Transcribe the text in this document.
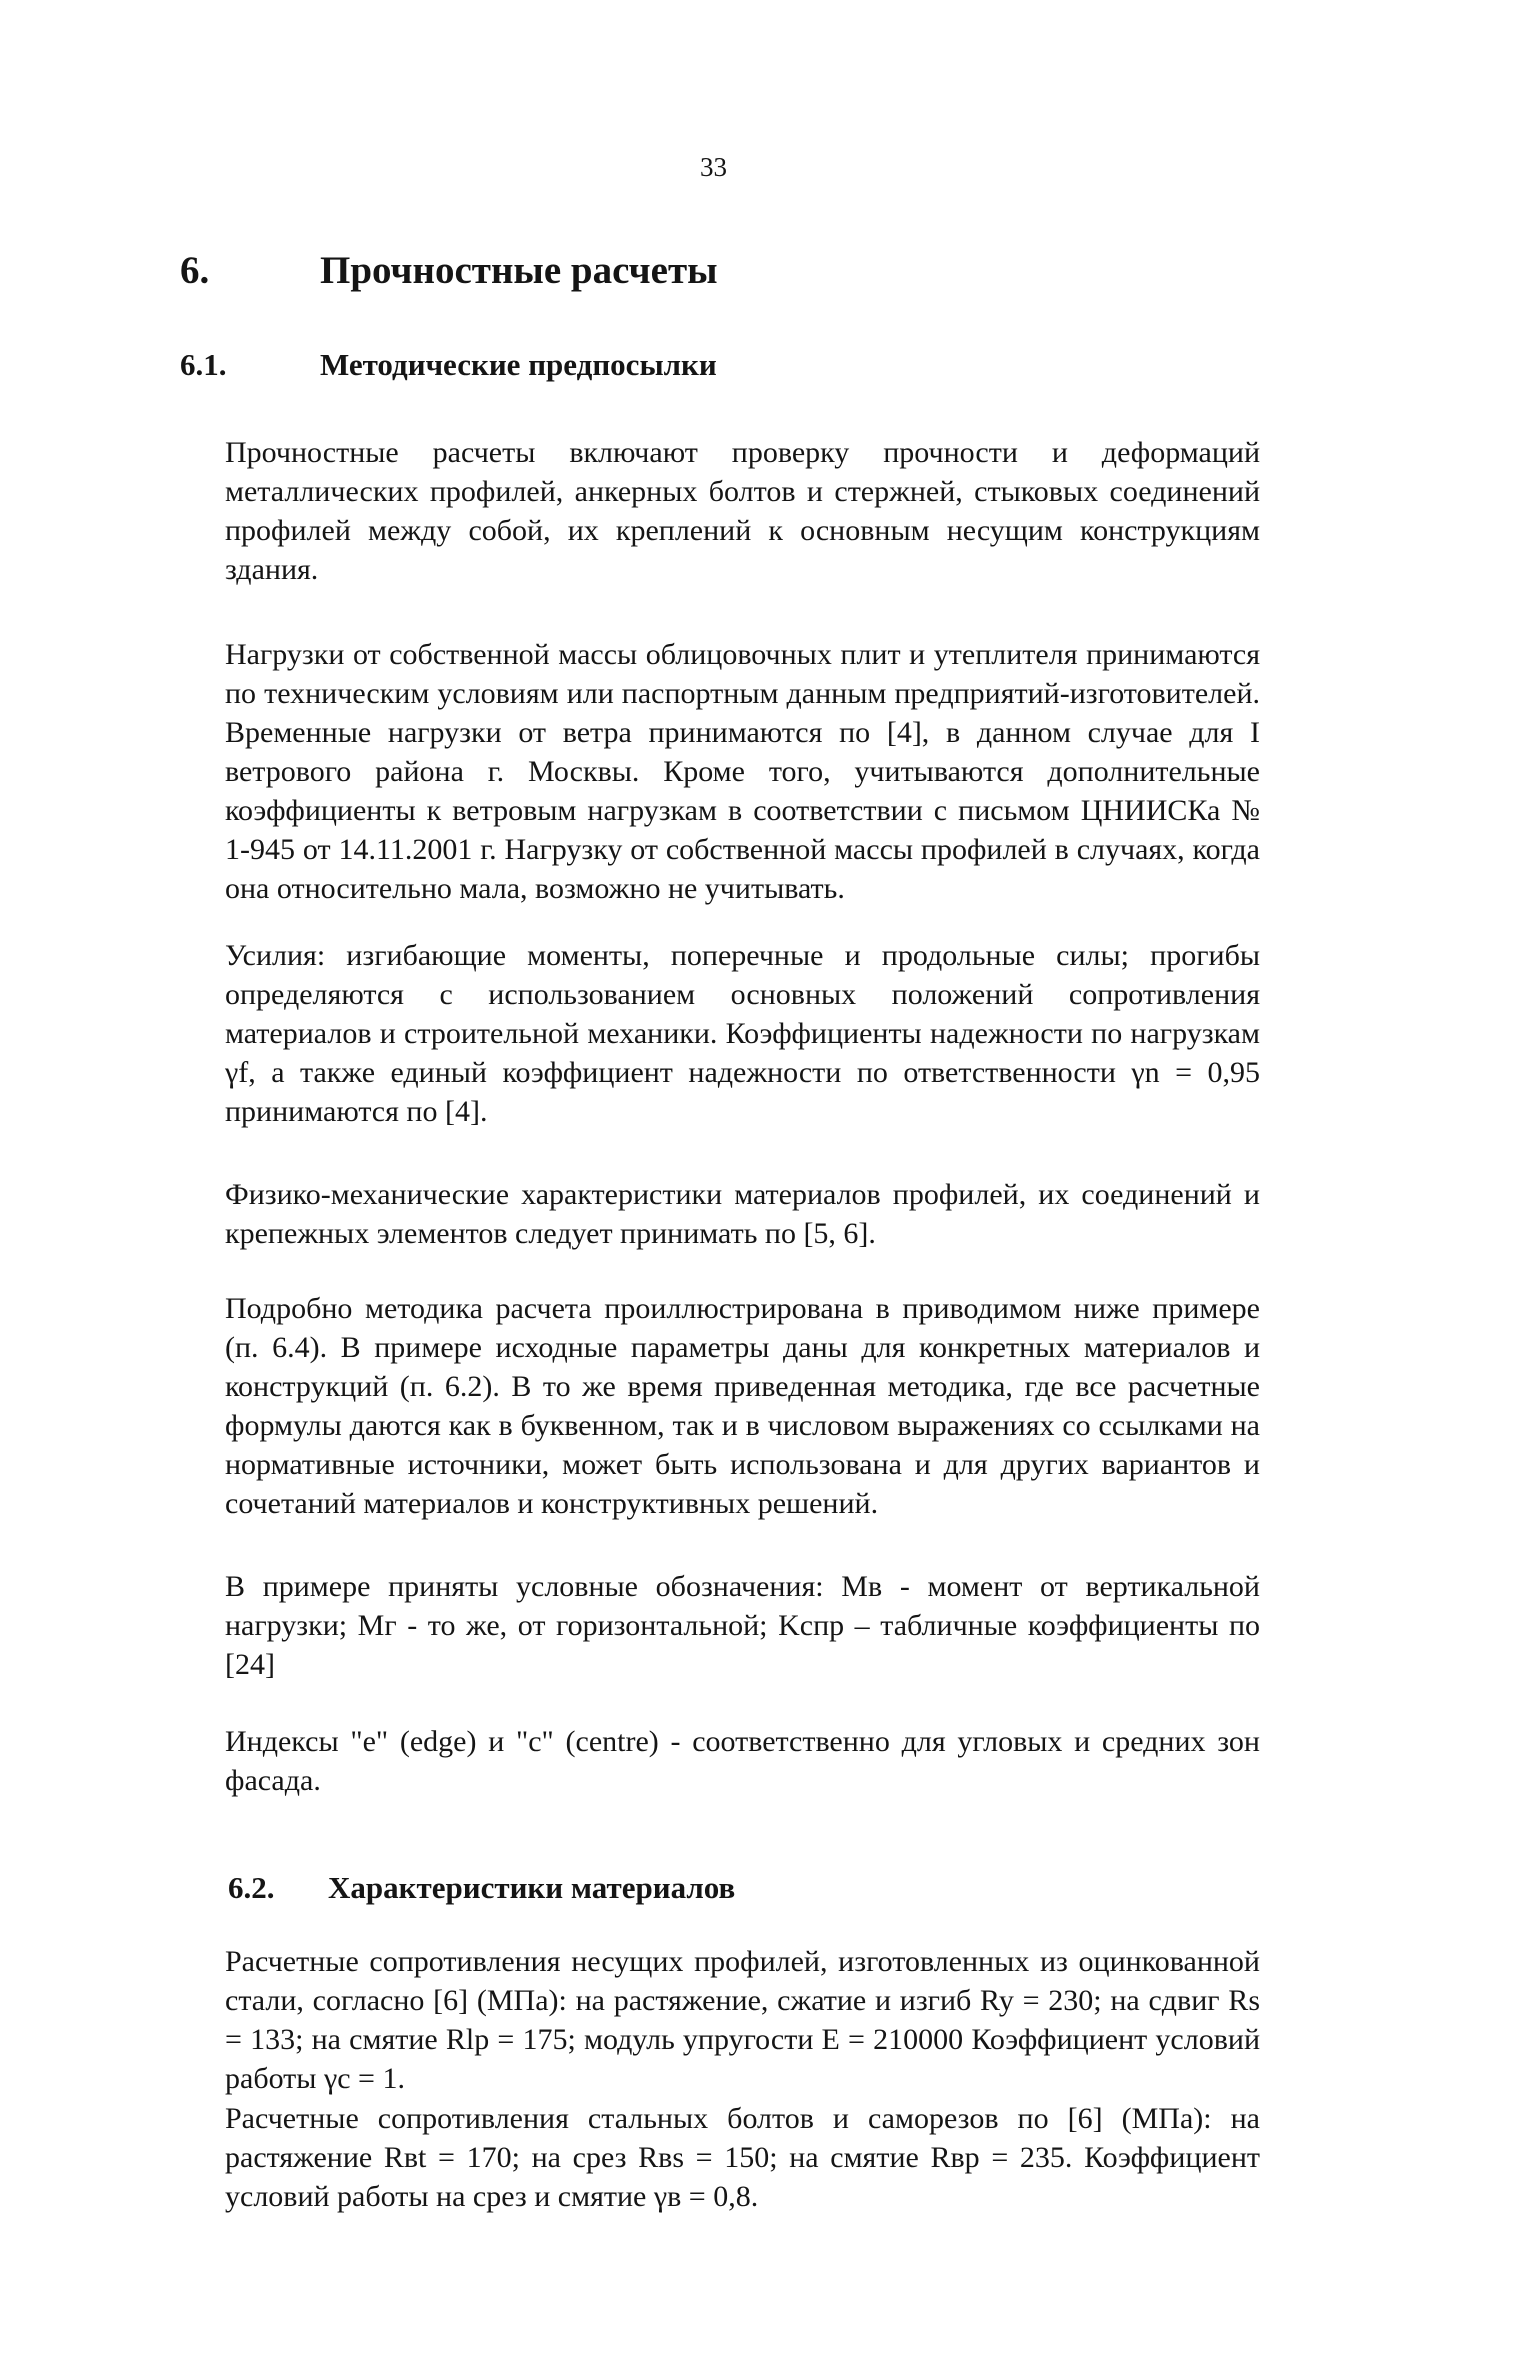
33
6.	Прочностные расчеты
6.1.	Методические предпосылки
Прочностные расчеты включают проверку прочности и деформаций металлических профилей, анкерных болтов и стержней, стыковых соединений профилей между собой, их креплений к основным несущим конструкциям здания.
Нагрузки от собственной массы облицовочных плит и утеплителя принимаются по техническим условиям или паспортным данным предприятий-изготовителей. Временные нагрузки от ветра принимаются по [4], в данном случае для I ветрового района г. Москвы. Кроме того, учитываются дополнительные коэффициенты к ветровым нагрузкам в соответствии с письмом ЦНИИСКа № 1-945 от 14.11.2001 г. Нагрузку от собственной массы профилей в случаях, когда она относительно мала, возможно не учитывать.
Усилия: изгибающие моменты, поперечные и продольные силы; прогибы определяются с использованием основных положений сопротивления материалов и строительной механики. Коэффициенты надежности по нагрузкам γf, а также единый коэффициент надежности по ответственности γn = 0,95 принимаются по [4].
Физико-механические характеристики материалов профилей, их соединений и крепежных элементов следует принимать по [5, 6].
Подробно методика расчета проиллюстрирована в приводимом ниже примере (п. 6.4). В примере исходные параметры даны для конкретных материалов и конструкций (п. 6.2). В то же время приведенная методика, где все расчетные формулы даются как в буквенном, так и в числовом выражениях со ссылками на нормативные источники, может быть использована и для других вариантов и сочетаний материалов и конструктивных решений.
В примере приняты условные обозначения: Мв - момент от вертикальной нагрузки; Мг - то же, от горизонтальной; Kспр – табличные коэффициенты по [24]
Индексы "e" (edge) и "c" (centre) - соответственно для угловых и средних зон фасада.
6.2. Характеристики материалов
Расчетные сопротивления несущих профилей, изготовленных из оцинкованной стали, согласно [6] (МПа): на растяжение, сжатие и изгиб Ry = 230; на сдвиг Rs = 133; на смятие Rlp = 175; модуль упругости E = 210000 Коэффициент условий работы γc = 1.
Расчетные сопротивления стальных болтов и саморезов по [6] (МПа): на растяжение Rвt = 170; на срез Rвs = 150; на смятие Rвp = 235. Коэффициент условий работы на срез и смятие γв = 0,8.
